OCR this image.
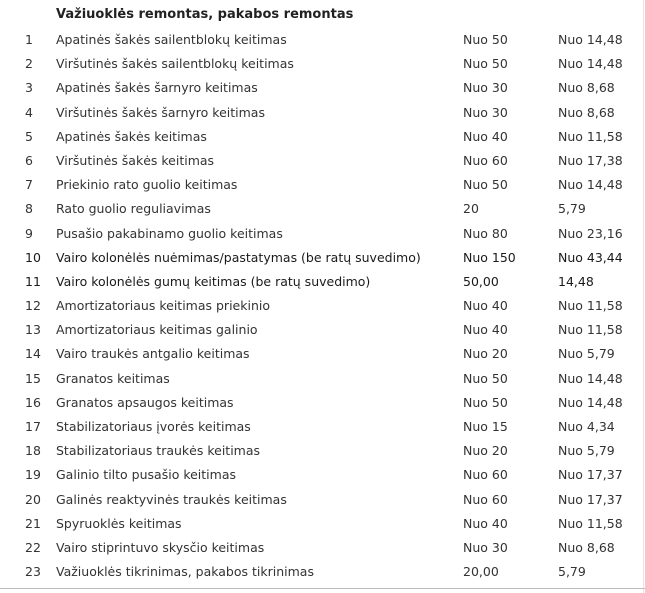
Važiuoklės remontas, pakabos remontas
1 Apatinės šakės sailentblokų keitimas	Nuo 50	Nuo 14,48
2 Viršutinės šakės sailentblokų keitimas	Nuo 50	Nuo 14,48
3 Apatinės šakės šarnyro keitimas	Nuo 30	Nuo 8,68
4 Viršutinės šakės šarnyro keitimas	Nuo 30	Nuo 8,68
5 Apatinės šakės keitimas	Nuo 40	Nuo 11,58
6 Viršutinės šakės keitimas	Nuo 60	Nuo 17,38
7 Priekinio rato guolio keitimas	Nuo 50	Nuo 14,48
8 Rato guolio reguliavimas	20	5,79
9 Pusašio pakabinamo guolio keitimas	Nuo 80	Nuo 23,16
10 Vairo kolonėlės nuėmimas/pastatymas (be ratų suvedimo)	Nuo 150	Nuo 43,44
11 Vairo kolonėlės gumų keitimas (be ratų suvedimo)	50,00	14,48
12 Amortizatoriaus keitimas priekinio	Nuo 40	Nuo 11,58
13 Amortizatoriaus keitimas galinio	Nuo 40	Nuo 11,58
14 Vairo traukės antgalio keitimas	Nuo 20	Nuo 5,79
15 Granatos keitimas	Nuo 50	Nuo 14,48
16 Granatos apsaugos keitimas	Nuo 50	Nuo 14,48
17 Stabilizatoriaus įvorės keitimas	Nuo 15	Nuo 4,34
18 Stabilizatoriaus traukės keitimas	Nuo 20	Nuo 5,79
19 Galinio tilto pusašio keitimas	Nuo 60	Nuo 17,37
20 Galinės reaktyvinės traukės keitimas	Nuo 60	Nuo 17,37
21 Spyruoklės keitimas	Nuo 40	Nuo 11,58
22 Vairo stiprintuvo skysčio keitimas	Nuo 30	Nuo 8,68
23 Važiuoklės tikrinimas, pakabos tikrinimas	20,00	5,79
